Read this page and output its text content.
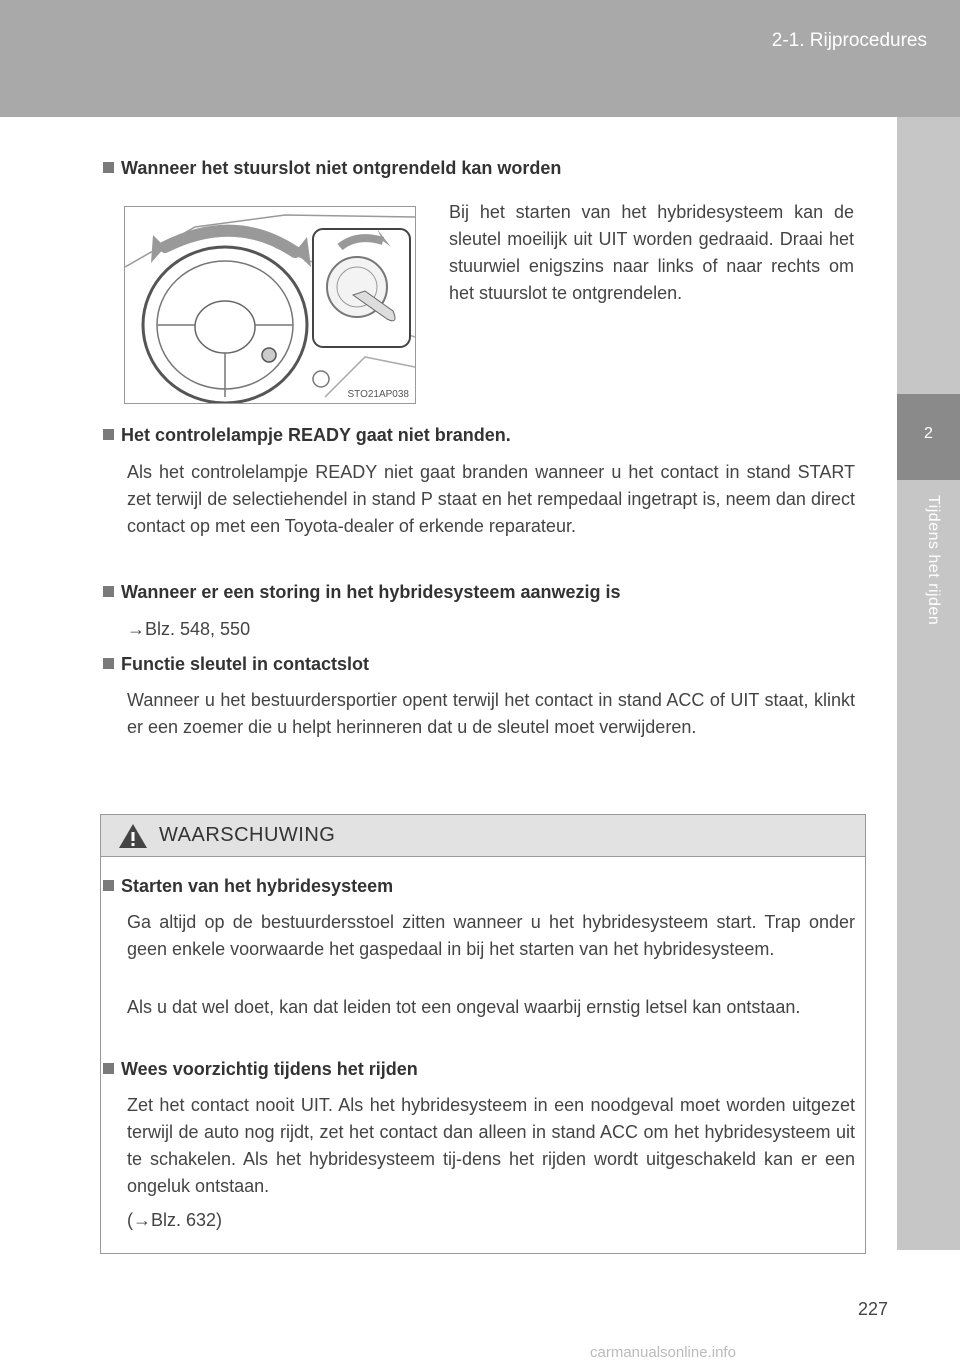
2-1. Rijprocedures
2
Tijdens het rijden
Wanneer het stuurslot niet ontgrendeld kan worden
STO21AP038
Bij het starten van het hybridesysteem kan de sleutel moeilijk uit UIT worden gedraaid. Draai het stuurwiel enigszins naar links of naar rechts om het stuurslot te ontgrendelen.
Het controlelampje READY gaat niet branden.
Als het controlelampje READY niet gaat branden wanneer u het contact in stand START zet terwijl de selectiehendel in stand P staat en het rempedaal ingetrapt is, neem dan direct contact op met een Toyota-dealer of erkende reparateur.
Wanneer er een storing in het hybridesysteem aanwezig is
→Blz. 548, 550
Functie sleutel in contactslot
Wanneer u het bestuurdersportier opent terwijl het contact in stand ACC of UIT staat, klinkt er een zoemer die u helpt herinneren dat u de sleutel moet verwijderen.
WAARSCHUWING
Starten van het hybridesysteem
Ga altijd op de bestuurdersstoel zitten wanneer u het hybridesysteem start. Trap onder geen enkele voorwaarde het gaspedaal in bij het starten van het hybridesysteem.
Als u dat wel doet, kan dat leiden tot een ongeval waarbij ernstig letsel kan ontstaan.
Wees voorzichtig tijdens het rijden
Zet het contact nooit UIT. Als het hybridesysteem in een noodgeval moet worden uitgezet terwijl de auto nog rijdt, zet het contact dan alleen in stand ACC om het hybridesysteem uit te schakelen. Als het hybridesysteem tij-dens het rijden wordt uitgeschakeld kan er een ongeluk ontstaan.
(→Blz. 632)
227
carmanualsonline.info
